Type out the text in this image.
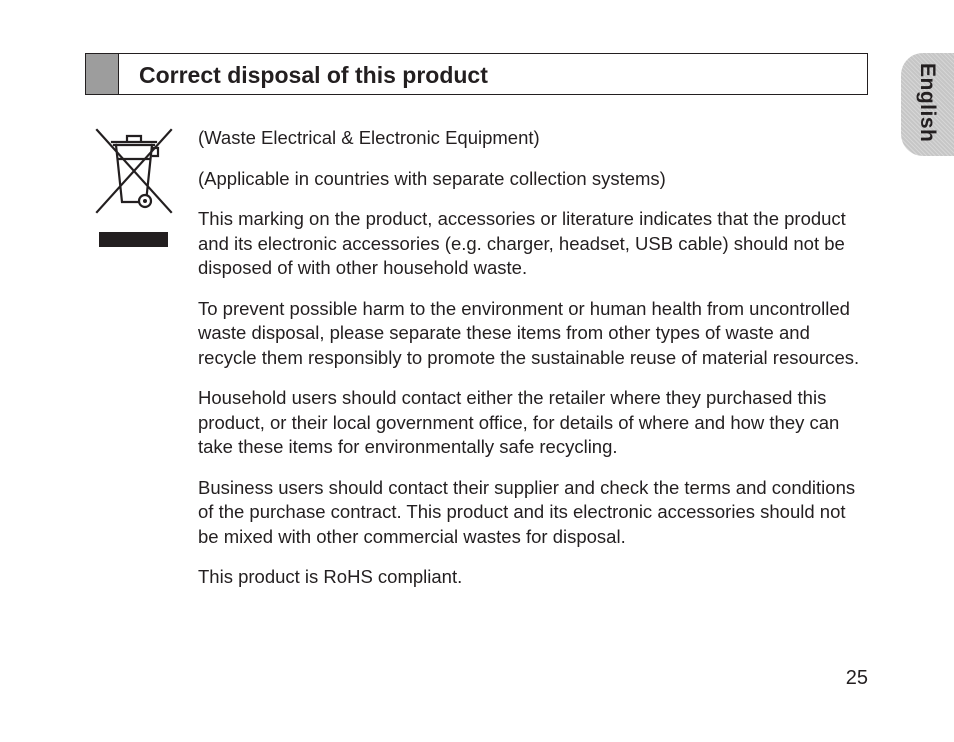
Correct disposal of this product	English

(Waste Electrical & Electronic Equipment)

(Applicable in countries with separate collection systems)

This marking on the product, accessories or literature indicates that the product and its electronic accessories (e.g. charger, headset, USB cable) should not be disposed of with other household waste.

To prevent possible harm to the environment or human health from uncontrolled waste disposal, please separate these items from other types of waste and recycle them responsibly to promote the sustainable reuse of material resources.

Household users should contact either the retailer where they purchased this product, or their local government office, for details of where and how they can take these items for environmentally safe recycling.

Business users should contact their supplier and check the terms and conditions of the purchase contract. This product and its electronic accessories should not be mixed with other commercial wastes for disposal.

This product is RoHS compliant.

25
